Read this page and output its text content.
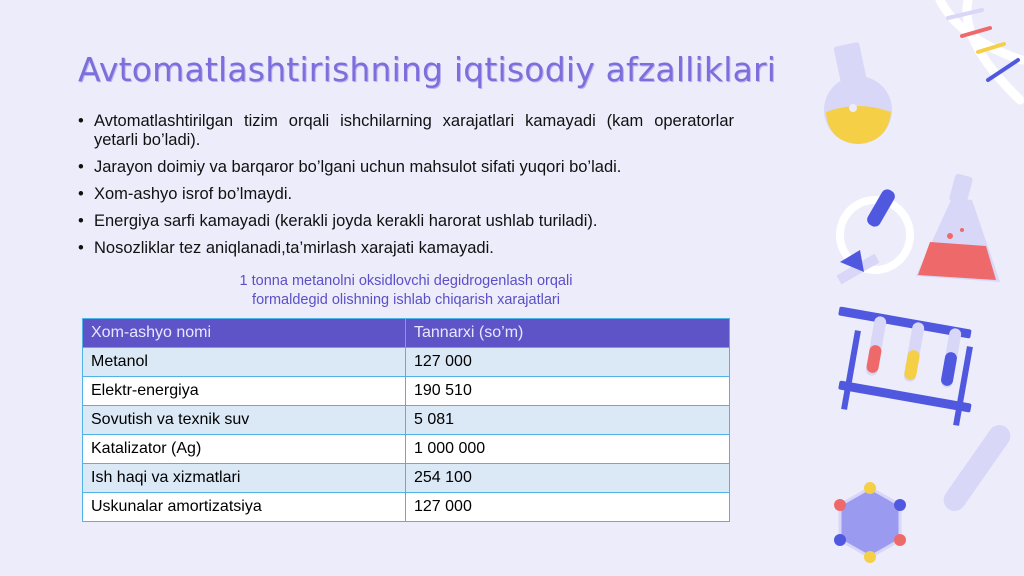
Avtomatlashtirishning iqtisodiy afzalliklari
• Avtomatlashtirilgan tizim orqali ishchilarning xarajatlari kamayadi (kam operatorlar yetarli bo’ladi).
• Jarayon doimiy va barqaror bo’lgani uchun mahsulot sifati yuqori bo’ladi.
• Xom-ashyo isrof bo’lmaydi.
• Energiya sarfi kamayadi (kerakli joyda kerakli harorat ushlab turiladi).
• Nosozliklar tez aniqlanadi,ta’mirlash xarajati kamayadi.
1 tonna metanolni oksidlovchi degidrogenlash orqali
formaldegid olishning ishlab chiqarish xarajatlari
Xom-ashyo nomi	Tannarxi (so’m)
Metanol	127 000
Elektr-energiya	190 510
Sovutish va texnik suv	5 081
Katalizator (Ag)	1 000 000
Ish haqi va xizmatlari	254 100
Uskunalar amortizatsiya	127 000
